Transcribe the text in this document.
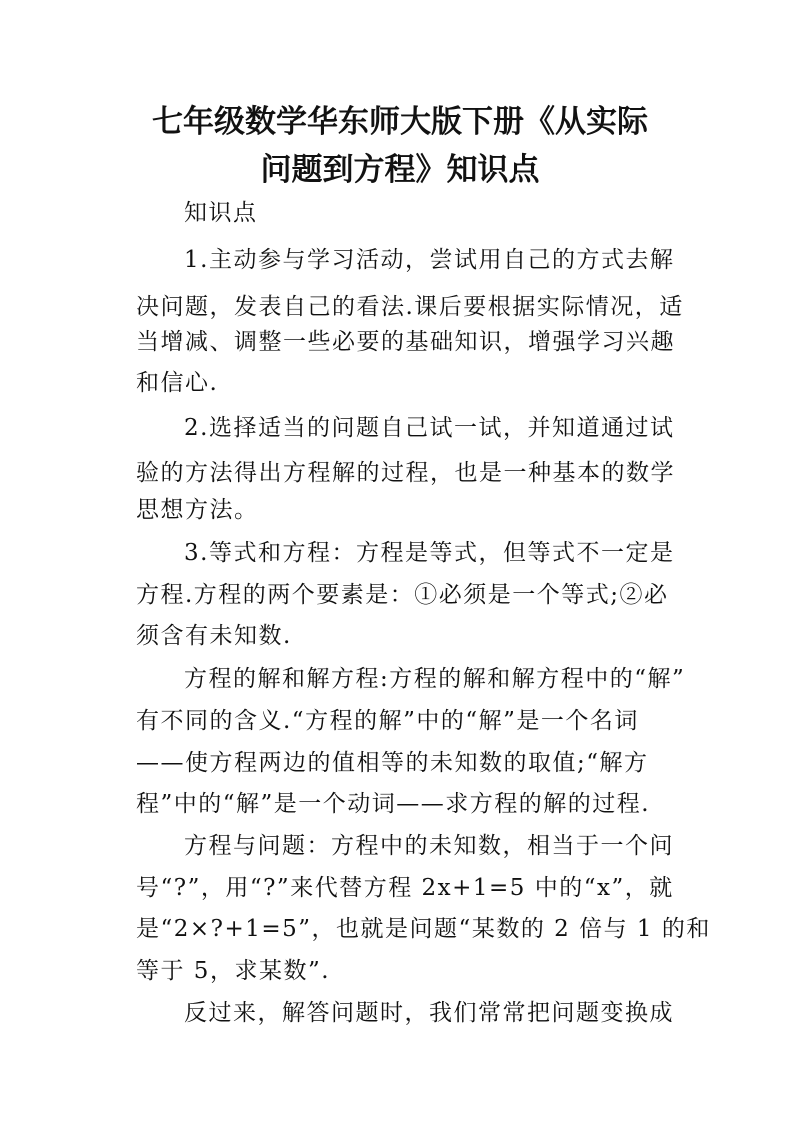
七年级数学华东师大版下册《从实际
问题到方程》知识点
知识点
1.主动参与学习活动，尝试用自己的方式去解
决问题，发表自己的看法.课后要根据实际情况，适
当增减、调整一些必要的基础知识，增强学习兴趣
和信心.
2.选择适当的问题自己试一试，并知道通过试
验的方法得出方程解的过程，也是一种基本的数学
思想方法。
3.等式和方程：方程是等式，但等式不一定是
方程.方程的两个要素是：①必须是一个等式;②必
须含有未知数.
方程的解和解方程:方程的解和解方程中的“解”
有不同的含义.“方程的解”中的“解”是一个名词
——使方程两边的值相等的未知数的取值;“解方
程”中的“解”是一个动词——求方程的解的过程.
方程与问题：方程中的未知数，相当于一个问
号“?”，用“?”来代替方程 2x+1=5 中的“x”，就
是“2×?+1=5”，也就是问题“某数的 2 倍与 1 的和
等于 5，求某数”.
反过来，解答问题时，我们常常把问题变换成
